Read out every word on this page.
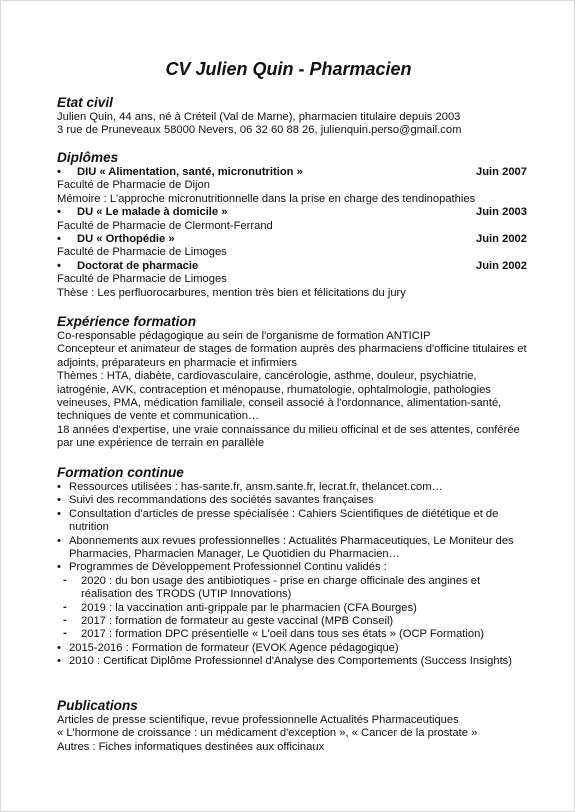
CV Julien Quin - Pharmacien
Etat civil
Julien Quin, 44 ans, né à Créteil (Val de Marne), pharmacien titulaire depuis 2003
3 rue de Pruneveaux 58000 Nevers, 06 32 60 88 26, julienquin.perso@gmail.com
Diplômes
•	DIU « Alimentation, santé, micronutrition »	Juin 2007
Faculté de Pharmacie de Dijon
Mémoire : L'approche micronutritionnelle dans la prise en charge des tendinopathies
•	DU « Le malade à domicile »	Juin 2003
Faculté de Pharmacie de Clermont-Ferrand
•	DU « Orthopédie »	Juin 2002
Faculté de Pharmacie de Limoges
•	Doctorat de pharmacie	Juin 2002
Faculté de Pharmacie de Limoges
Thèse : Les perfluorocarbures, mention très bien et félicitations du jury
Expérience formation
Co-responsable pédagogique au sein de l'organisme de formation ANTICIP
Concepteur et animateur de stages de formation auprès des pharmaciens d'officine titulaires et adjoints, préparateurs en pharmacie et infirmiers
Thèmes : HTA, diabète, cardiovasculaire, cancérologie, asthme, douleur, psychiatrie, iatrogénie, AVK, contraception et ménopause, rhumatologie, ophtalmologie, pathologies veineuses, PMA, médication familiale, conseil associé à l'ordonnance, alimentation-santé, techniques de vente et communication…
18 années d'expertise, une vraie connaissance du milieu officinal et de ses attentes, conférée par une expérience de terrain en parallèle
Formation continue
• Ressources utilisées : has-sante.fr, ansm.sante.fr, lecrat.fr, thelancet.com…
• Suivi des recommandations des sociétés savantes françaises
• Consultation d'articles de presse spécialisée : Cahiers Scientifiques de diététique et de nutrition
• Abonnements aux revues professionnelles : Actualités Pharmaceutiques, Le Moniteur des Pharmacies, Pharmacien Manager, Le Quotidien du Pharmacien…
• Programmes de Développement Professionnel Continu validés :
- 2020 : du bon usage des antibiotiques - prise en charge officinale des angines et
réalisation des TRODS (UTIP Innovations)
- 2019 : la vaccination anti-grippale par le pharmacien (CFA Bourges)
- 2017 : formation de formateur au geste vaccinal (MPB Conseil)
- 2017 : formation DPC présentielle « L'oeil dans tous ses états » (OCP Formation)
• 2015-2016 : Formation de formateur (EVOK Agence pédagogique)
• 2010 : Certificat Diplôme Professionnel d'Analyse des Comportements (Success Insights)
Publications
Articles de presse scientifique, revue professionnelle Actualités Pharmaceutiques
« L'hormone de croissance : un médicament d'exception », « Cancer de la prostate »
Autres : Fiches informatiques destinées aux officinaux
